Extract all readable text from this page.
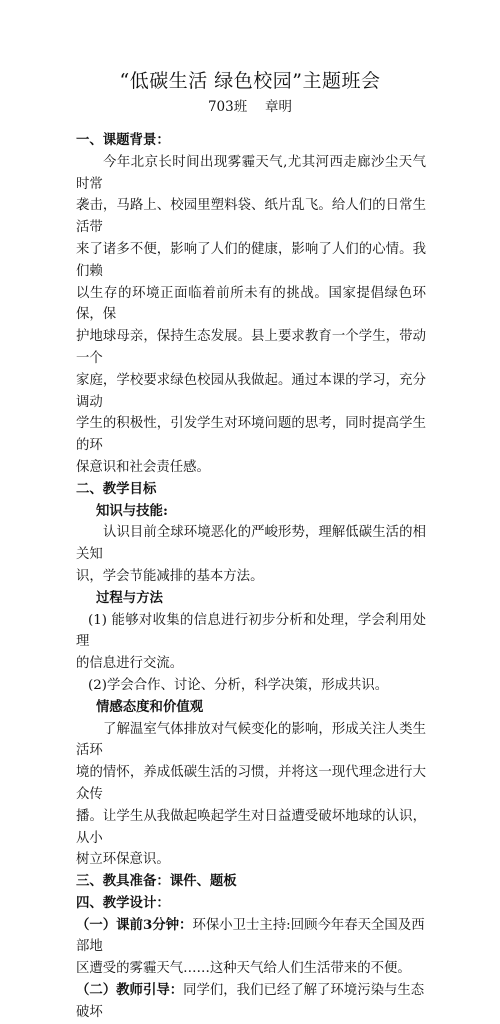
“低碳生活 绿色校园”主题班会
703班　 章明
一、课题背景：
今年北京长时间出现雾霾天气,尤其河西走廊沙尘天气时常
袭击，马路上、校园里塑料袋、纸片乱飞。给人们的日常生活带
来了诸多不便，影响了人们的健康，影响了人们的心情。我们赖
以生存的环境正面临着前所未有的挑战。国家提倡绿色环保，保
护地球母亲，保持生态发展。县上要求教育一个学生，带动一个
家庭，学校要求绿色校园从我做起。通过本课的学习，充分调动
学生的积极性，引发学生对环境问题的思考，同时提高学生的环
保意识和社会责任感。
二、教学目标
知识与技能:
认识目前全球环境恶化的严峻形势，理解低碳生活的相关知
识，学会节能减排的基本方法。
过程与方法
(1) 能够对收集的信息进行初步分析和处理，学会利用处理
的信息进行交流。
(2)学会合作、讨论、分析，科学决策，形成共识。
情感态度和价值观
了解温室气体排放对气候变化的影响，形成关注人类生活环
境的情怀，养成低碳生活的习惯，并将这一现代理念进行大众传
播。让学生从我做起唤起学生对日益遭受破坏地球的认识，从小
树立环保意识。
三、教具准备：课件、题板
四、教学设计：
（一）课前3分钟：环保小卫士主持:回顾今年春天全国及西部地
区遭受的雾霾天气……这种天气给人们生活带来的不便。
（二）教师引导：同学们，我们已经了解了环境污染与生态破坏
